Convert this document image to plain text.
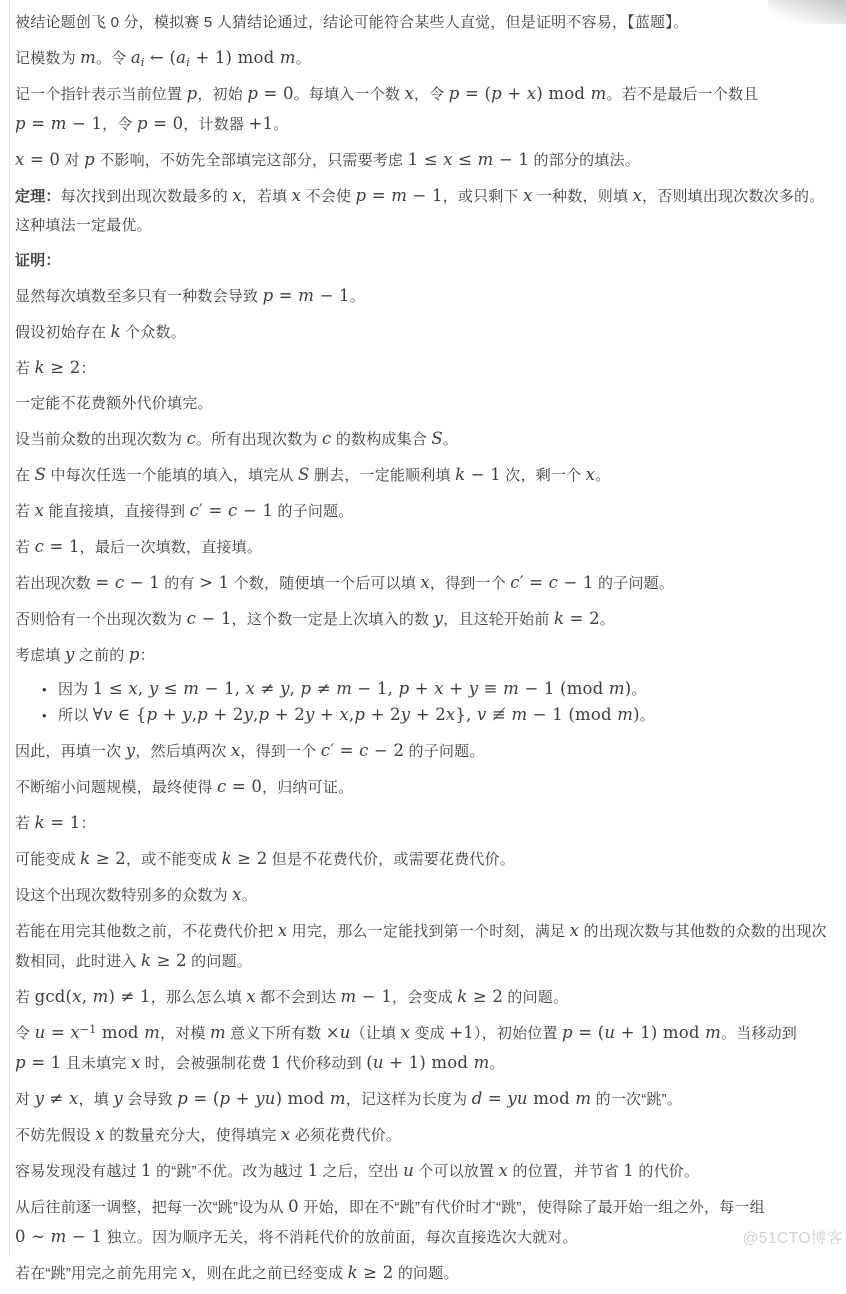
被结论题创飞 0 分，模拟赛 5 人猜结论通过，结论可能符合某些人直觉，但是证明不容易，【蓝题】。

记模数为 m。令 $a_i$ ← $(a_i + 1)$ mod m。

记一个指针表示当前位置 p，初始 p = 0。每填入一个数 x，令 p = (p + x) mod m。若不是最后一个数且 p = m − 1，令 p = 0，计数器 +1。

x = 0 对 p 不影响，不妨先全部填完这部分，只需要考虑 1 ≤ x ≤ m − 1 的部分的填法。

定理：每次找到出现次数最多的 x，若填 x 不会使 p = m − 1，或只剩下 x 一种数，则填 x，否则填出现次数次多的。这种填法一定最优。

证明：

显然每次填数至多只有一种数会导致 p = m − 1。

假设初始存在 k 个众数。

若 k ≥ 2：

一定能不花费额外代价填完。

设当前众数的出现次数为 c。所有出现次数为 c 的数构成集合 S。

在 S 中每次任选一个能填的填入，填完从 S 删去，一定能顺利填 k − 1 次，剩一个 x。

若 x 能直接填，直接得到 c′ = c − 1 的子问题。

若 c = 1，最后一次填数，直接填。

若出现次数 = c − 1 的有 > 1 个数，随便填一个后可以填 x，得到一个 c′ = c − 1 的子问题。

否则恰有一个出现次数为 c − 1，这个数一定是上次填入的数 y，且这轮开始前 k = 2。

考虑填 y 之前的 p：

• 因为 1 ≤ x, y ≤ m − 1, x ≠ y, p ≠ m − 1, p + x + y ≡ m − 1 (mod m)。
• 所以 ∀v ∈ {p + y,p + 2y,p + 2y + x,p + 2y + 2x}, v ≢ m − 1 (mod m)。

因此，再填一次 y，然后填两次 x，得到一个 c′ = c − 2 的子问题。

不断缩小问题规模，最终使得 c = 0，归纳可证。

若 k = 1：

可能变成 k ≥ 2，或不能变成 k ≥ 2 但是不花费代价，或需要花费代价。

设这个出现次数特别多的众数为 x。

若能在用完其他数之前，不花费代价把 x 用完，那么一定能找到第一个时刻，满足 x 的出现次数与其他数的众数的出现次数相同，此时进入 k ≥ 2 的问题。

若 gcd(x, m) ≠ 1，那么怎么填 x 都不会到达 m − 1，会变成 k ≥ 2 的问题。

令 $u = x^{-1}$ mod m，对模 m 意义下所有数 ×u（让填 x 变成 +1），初始位置 p = (u + 1) mod m。当移动到 p = 1 且未填完 x 时，会被强制花费 1 代价移动到 (u + 1) mod m。

对 y ≠ x，填 y 会导致 p = (p + yu) mod m，记这样为长度为 d = yu mod m 的一次“跳”。

不妨先假设 x 的数量充分大，使得填完 x 必须花费代价。

容易发现没有越过 1 的“跳”不优。改为越过 1 之后，空出 u 个可以放置 x 的位置，并节省 1 的代价。

从后往前逐一调整，把每一次“跳”设为从 0 开始，即在不“跳”有代价时才“跳”，使得除了最开始一组之外，每一组 0 ∼ m − 1 独立。因为顺序无关，将不消耗代价的放前面，每次直接选次大就对。

若在“跳”用完之前先用完 x，则在此之前已经变成 k ≥ 2 的问题。

@51CTO博客
